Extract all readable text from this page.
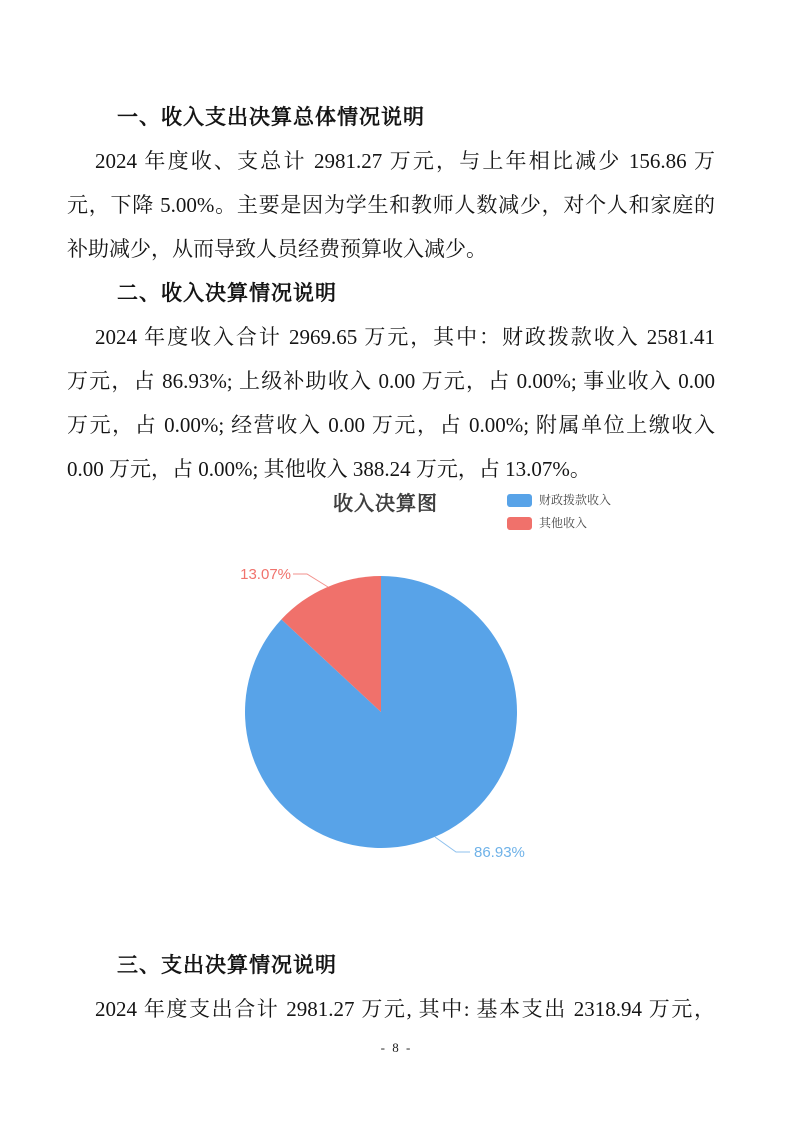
一、收入支出决算总体情况说明
2024 年度收、支总计 2981.27 万元，与上年相比减少 156.86 万
元，下降 5.00%。主要是因为学生和教师人数减少，对个人和家庭的
补助减少，从而导致人员经费预算收入减少。
二、收入决算情况说明
2024 年度收入合计 2969.65 万元，其中：财政拨款收入 2581.41
万元，占 86.93%; 上级补助收入 0.00 万元，占 0.00%; 事业收入 0.00
万元，占 0.00%; 经营收入 0.00 万元，占 0.00%; 附属单位上缴收入
0.00 万元，占 0.00%; 其他收入 388.24 万元，占 13.07%。
13.07%
86.93%
收入决算图	财政拨款收入
其他收入
三、支出决算情况说明
2024 年度支出合计 2981.27 万元, 其中: 基本支出 2318.94 万元，
- 8 -
